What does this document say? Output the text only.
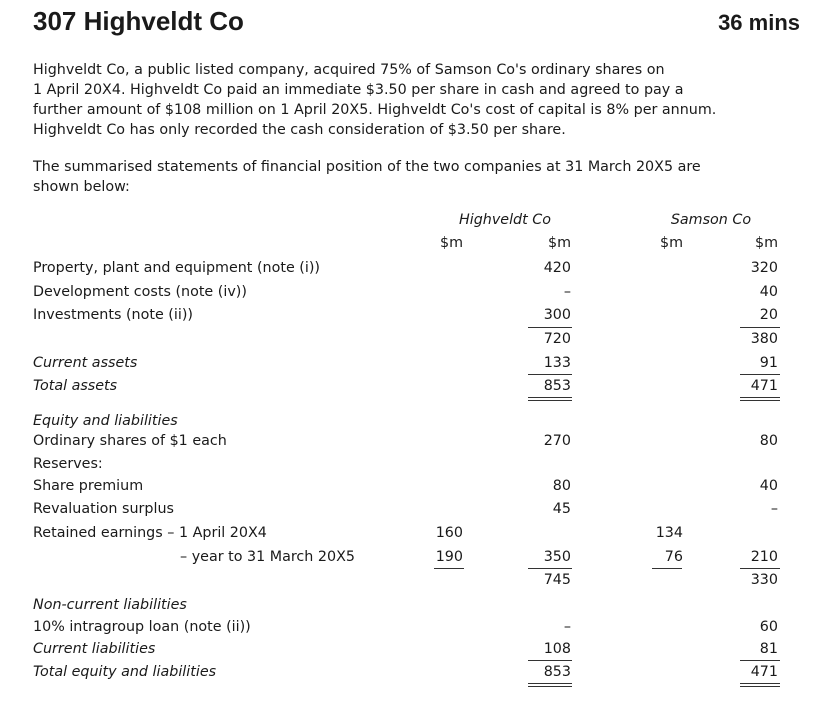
307 Highveldt Co	36 mins
Highveldt Co, a public listed company, acquired 75% of Samson Co's ordinary shares on
1 April 20X4. Highveldt Co paid an immediate $3.50 per share in cash and agreed to pay a
further amount of $108 million on 1 April 20X5. Highveldt Co's cost of capital is 8% per annum.
Highveldt Co has only recorded the cash consideration of $3.50 per share.
The summarised statements of financial position of the two companies at 31 March 20X5 are
shown below:
Highveldt Co	Samson Co
$m	$m	$m	$m
Property, plant and equipment (note (i))	420	320
Development costs (note (iv))	–	40
Investments (note (ii))	300	20
720	380
Current assets	133	91
Total assets	853	471
Equity and liabilities
Ordinary shares of $1 each	270	80
Reserves:
Share premium	80	40
Revaluation surplus	45	–
Retained earnings – 1 April 20X4	160	134
– year to 31 March 20X5	190	350	76	210
745	330
Non-current liabilities
10% intragroup loan (note (ii))	–	60
Current liabilities	108	81
Total equity and liabilities	853	471
